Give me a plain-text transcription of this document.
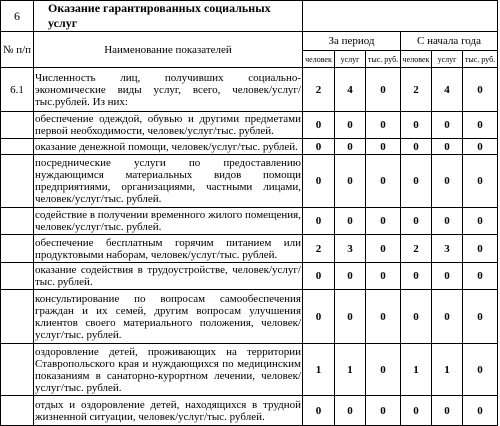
6	Оказание гарантированных социальных услуг						
№ п/п	Наименование показателей	За период			С начала года		
		человек	услуг	тыс. руб.	человек	услуг	тыс. руб.
6.1	Численность лиц, получивших социально-экономические виды услуг, всего, человек/услуг/тыс.рублей. Из них:	2	4	0	2	4	0
	обеспечение одеждой, обувью и другими предметами первой необходимости, человек/услуг/тыс. рублей.	0	0	0	0	0	0
	оказание денежной помощи, человек/услуг/тыс. рублей.	0	0	0	0	0	0
	посреднические услуги по предоставлению нуждающимся материальных видов помощи предприятиями, организациями, частными лицами, человек/услуг/тыс. рублей.	0	0	0	0	0	0
	содействие в получении временного жилого помещения, человек/услуг/тыс. рублей.	0	0	0	0	0	0
	обеспечение бесплатным горячим питанием или продуктовыми наборам, человек/услуг/тыс. рублей.	2	3	0	2	3	0
	оказание содействия в трудоустройстве, человек/услуг/тыс. рублей.	0	0	0	0	0	0
	консультирование по вопросам самообеспечения граждан и их семей, другим вопросам улучшения клиентов своего материального положения, человек/услуг/тыс. рублей.	0	0	0	0	0	0
	оздоровление детей, проживающих на территории Ставропольского края и нуждающихся по медицинским показаниям в санаторно-курортном лечении, человек/услуг/тыс. рублей.	1	1	0	1	1	0
	отдых и оздоровление детей, находящихся в трудной жизненной ситуации, человек/услуг/тыс. рублей.	0	0	0	0	0	0
